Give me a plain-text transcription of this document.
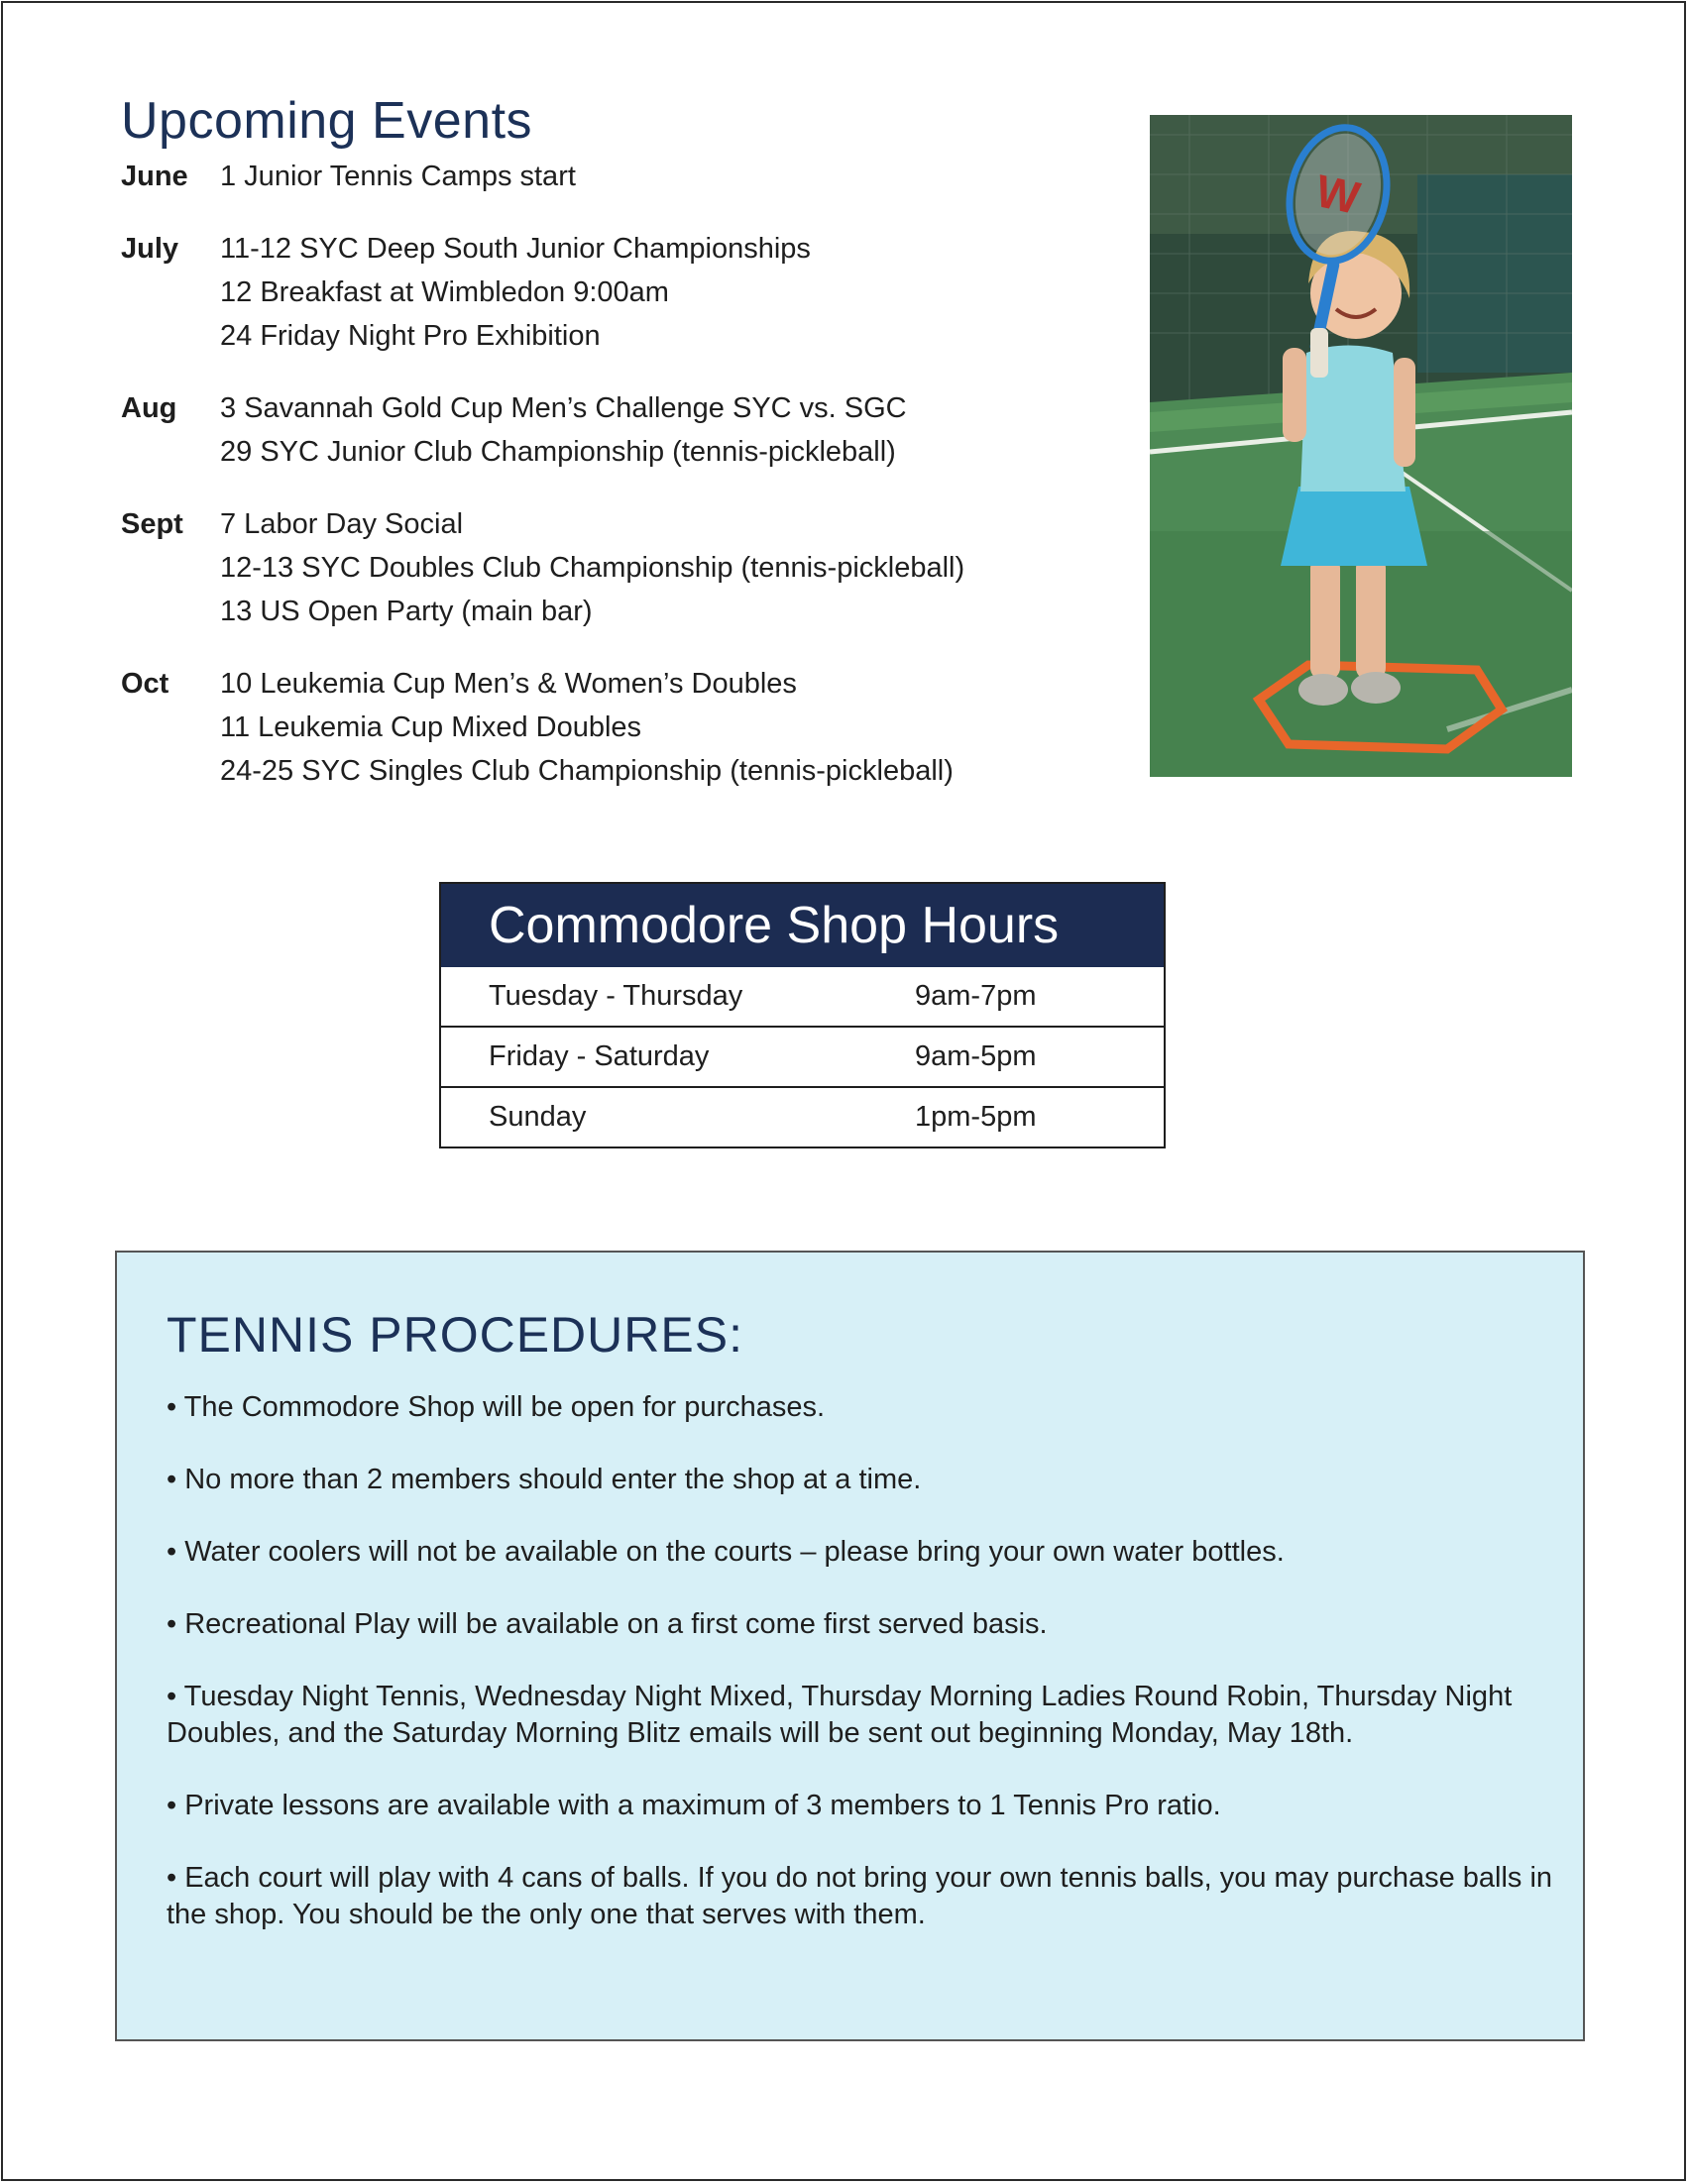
Upcoming Events
June	1 Junior Tennis Camps start
July	11-12 SYC Deep South Junior Championships
12 Breakfast at Wimbledon 9:00am
24 Friday Night Pro Exhibition
Aug	3 Savannah Gold Cup Men’s Challenge SYC vs. SGC
29 SYC Junior Club Championship (tennis-pickleball)
Sept	7 Labor Day Social
12-13 SYC Doubles Club Championship (tennis-pickleball)
13 US Open Party (main bar)
Oct	10 Leukemia Cup Men’s & Women’s Doubles
11 Leukemia Cup Mixed Doubles
24-25 SYC Singles Club Championship (tennis-pickleball)
W
Commodore Shop Hours
Tuesday - Thursday	9am-7pm
Friday - Saturday	9am-5pm
Sunday	1pm-5pm
TENNIS PROCEDURES:
• The Commodore Shop will be open for purchases.
• No more than 2 members should enter the shop at a time.
• Water coolers will not be available on the courts – please bring your own water bottles.
• Recreational Play will be available on a first come first served basis.
• Tuesday Night Tennis, Wednesday Night Mixed, Thursday Morning Ladies Round Robin, Thursday Night Doubles, and the Saturday Morning Blitz emails will be sent out beginning Monday, May 18th.
• Private lessons are available with a maximum of 3 members to 1 Tennis Pro ratio.
• Each court will play with 4 cans of balls. If you do not bring your own tennis balls, you may purchase balls in the shop. You should be the only one that serves with them.
